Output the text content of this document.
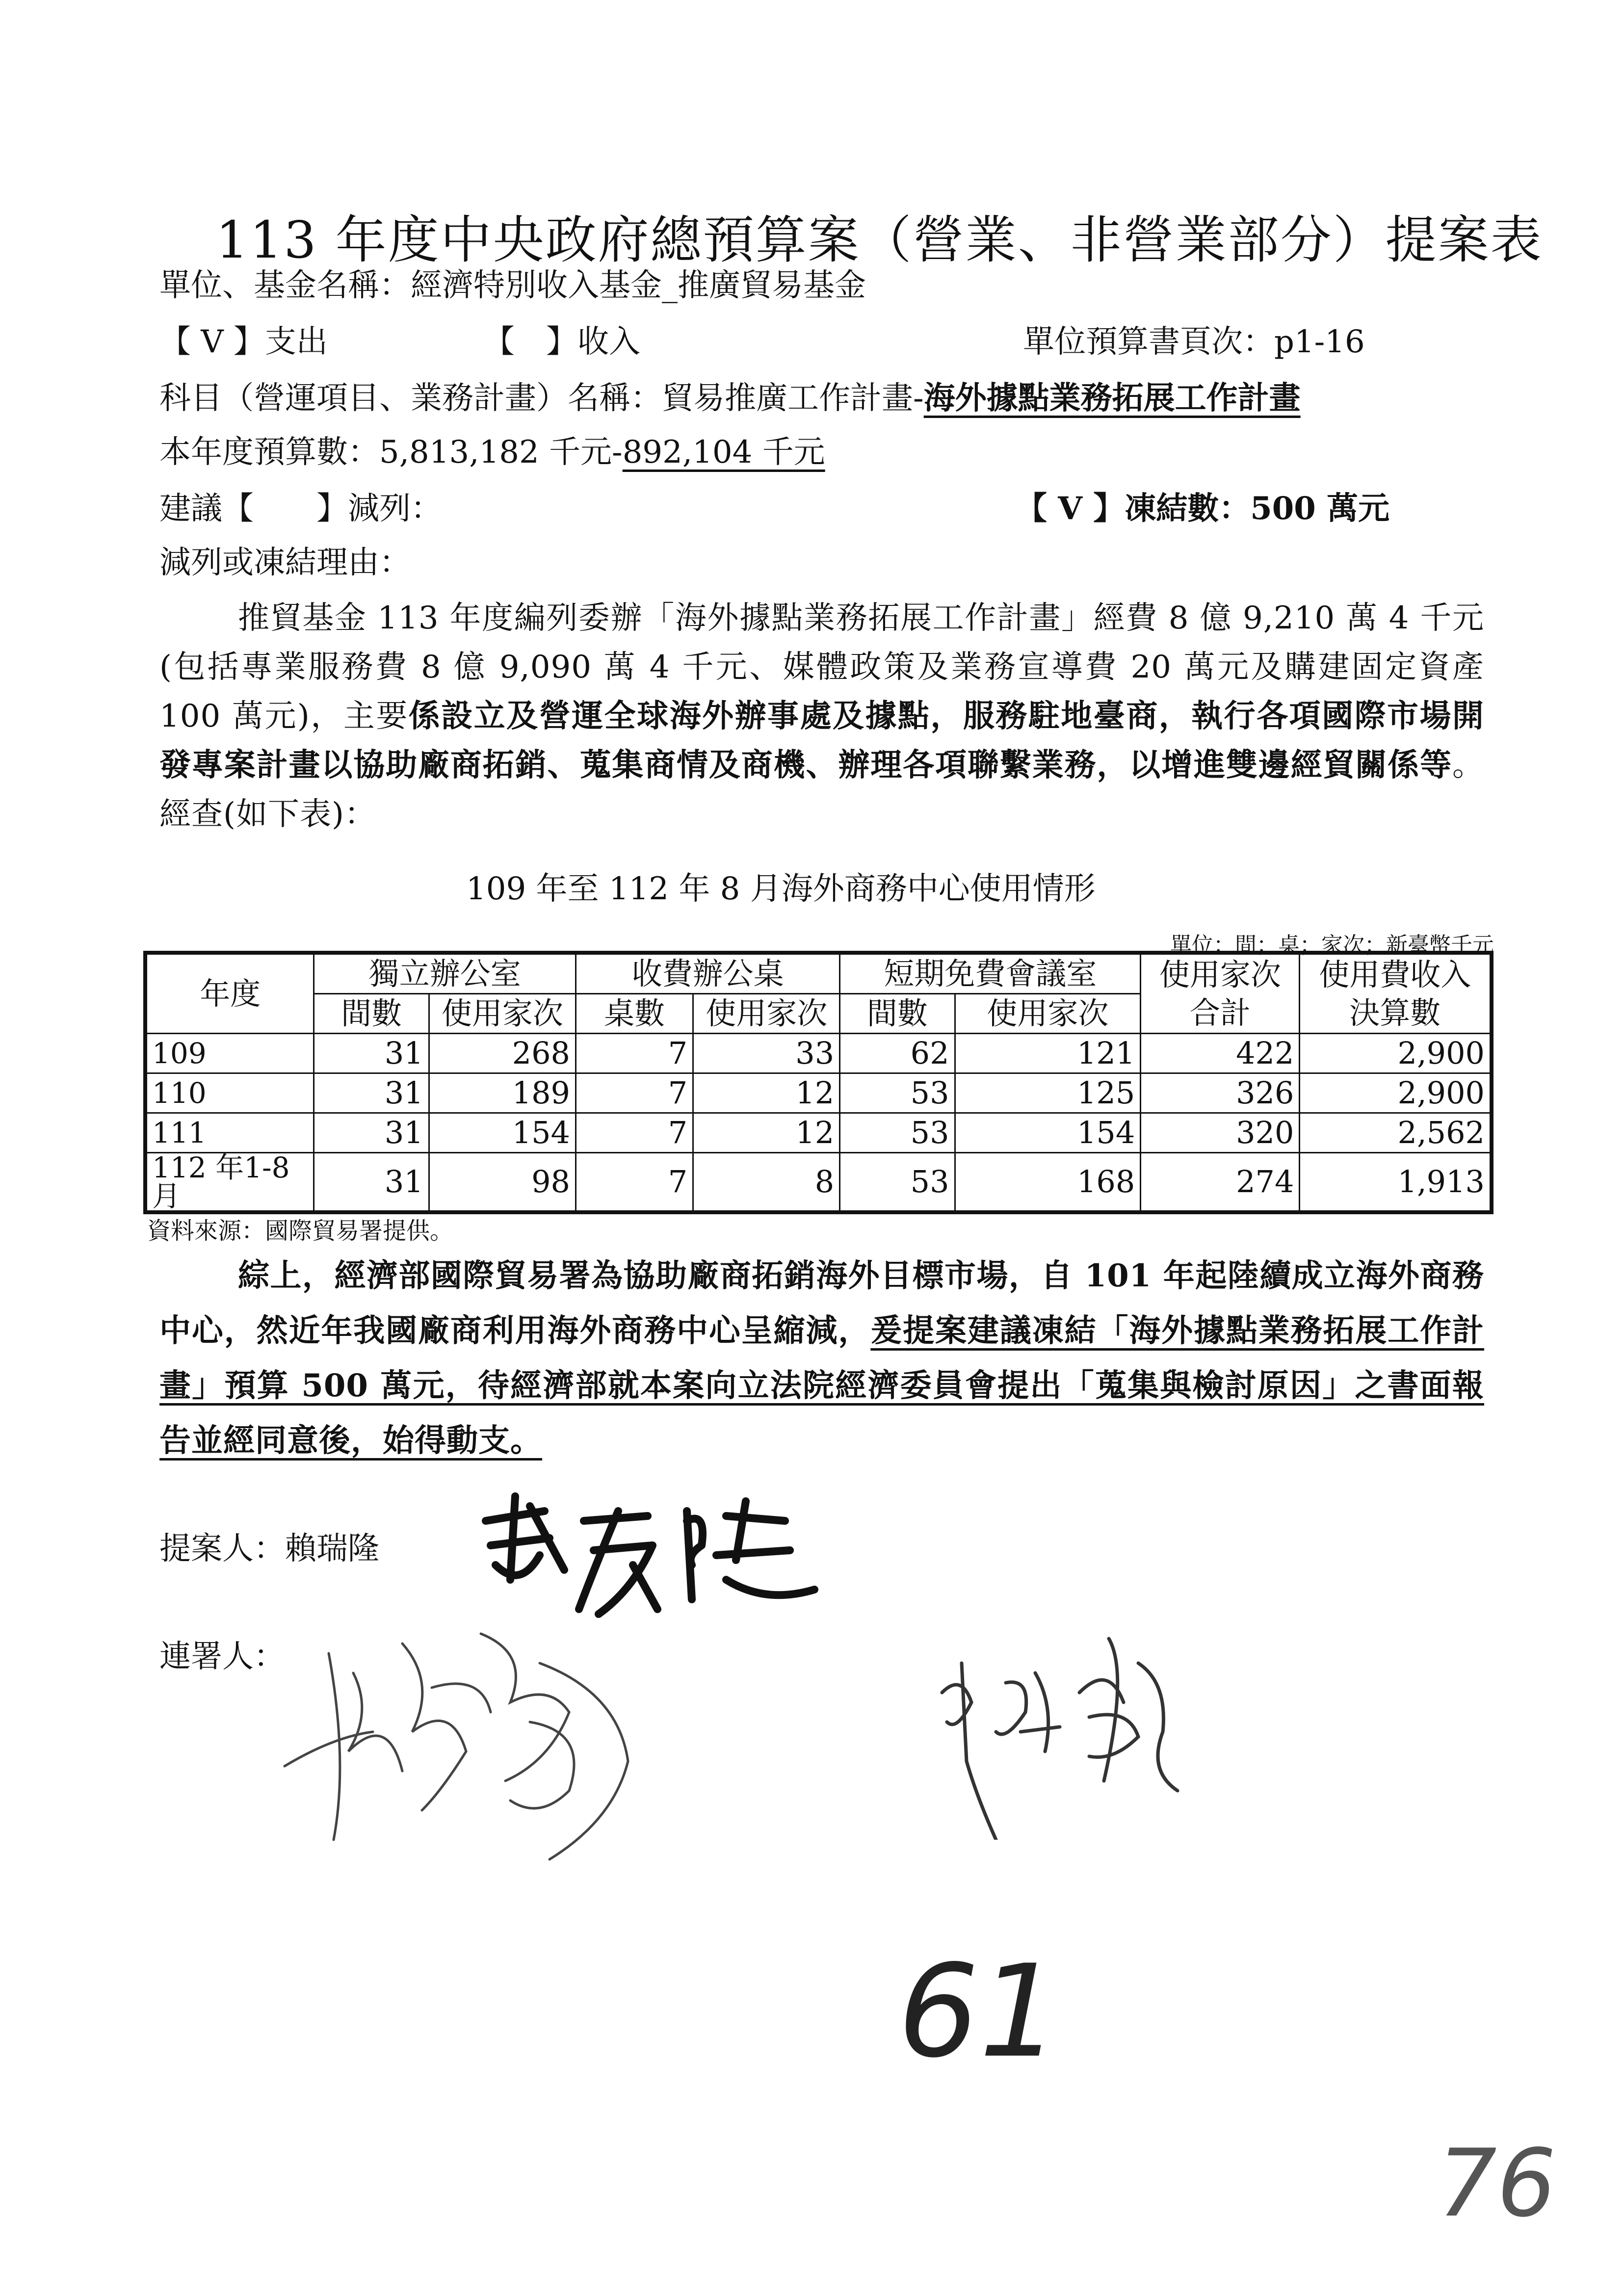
113 年度中央政府總預算案（營業、非營業部分）提案表
單位、基金名稱：經濟特別收入基金_推廣貿易基金
【 V 】支出	【　】收入	單位預算書頁次：p1-16
科目（營運項目、業務計畫）名稱：貿易推廣工作計畫-海外據點業務拓展工作計畫
本年度預算數：5,813,182 千元-892,104 千元
建議【　　】減列：	【 V 】凍結數：500 萬元
減列或凍結理由：
推貿基金 113 年度編列委辦「海外據點業務拓展工作計畫」經費 8 億 9,210 萬 4 千元(包括專業服務費 8 億 9,090 萬 4 千元、媒體政策及業務宣導費 20 萬元及購建固定資產 100 萬元)，主要係設立及營運全球海外辦事處及據點，服務駐地臺商，執行各項國際市場開發專案計畫以協助廠商拓銷、蒐集商情及商機、辦理各項聯繫業務，以增進雙邊經貿關係等。經查(如下表)：
109 年至 112 年 8 月海外商務中心使用情形
單位：間；桌；家次；新臺幣千元
年度	獨立辦公室		收費辦公桌		短期免費會議室		使用家次合計	使用費收入決算數
	間數	使用家次	桌數	使用家次	間數	使用家次		
109	31	268	7	33	62	121	422	2,900
110	31	189	7	12	53	125	326	2,900
111	31	154	7	12	53	154	320	2,562
112 年1-8月	31	98	7	8	53	168	274	1,913
資料來源：國際貿易署提供。
綜上，經濟部國際貿易署為協助廠商拓銷海外目標市場，自 101 年起陸續成立海外商務中心，然近年我國廠商利用海外商務中心呈縮減，爰提案建議凍結「海外據點業務拓展工作計畫」預算 500 萬元，待經濟部就本案向立法院經濟委員會提出「蒐集與檢討原因」之書面報告並經同意後，始得動支。
提案人：賴瑞隆
連署人：
61
76
